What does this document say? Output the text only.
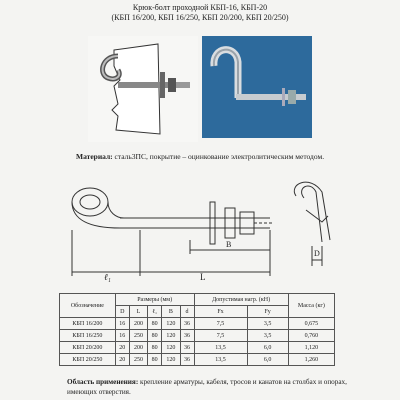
Крюк-болт проходной КБП-16, КБП-20
(КБП 16/200, КБП 16/250, КБП 20/200, КБП 20/250)
Материал: сталь3ПС, покрытие – оцинкование электролитическим методом.
ℓ₁	L
B
D
Обозначение	Размеры (мм)					Допустимая нагр. (кН)		Масса (кг)
	D	L	ℓ₁	B	d	Fx	Fy	
КБП 16/200	16	200	80	120	36	7,5	3,5	0,675
КБП 16/250	16	250	80	120	36	7,5	3,5	0,760
КБП 20/200	20	200	80	120	36	13,5	6,0	1,120
КБП 20/250	20	250	80	120	36	13,5	6,0	1,260
Область применения: крепление арматуры, кабеля, тросов и канатов на столбах и опорах, имеющих отверстия.
